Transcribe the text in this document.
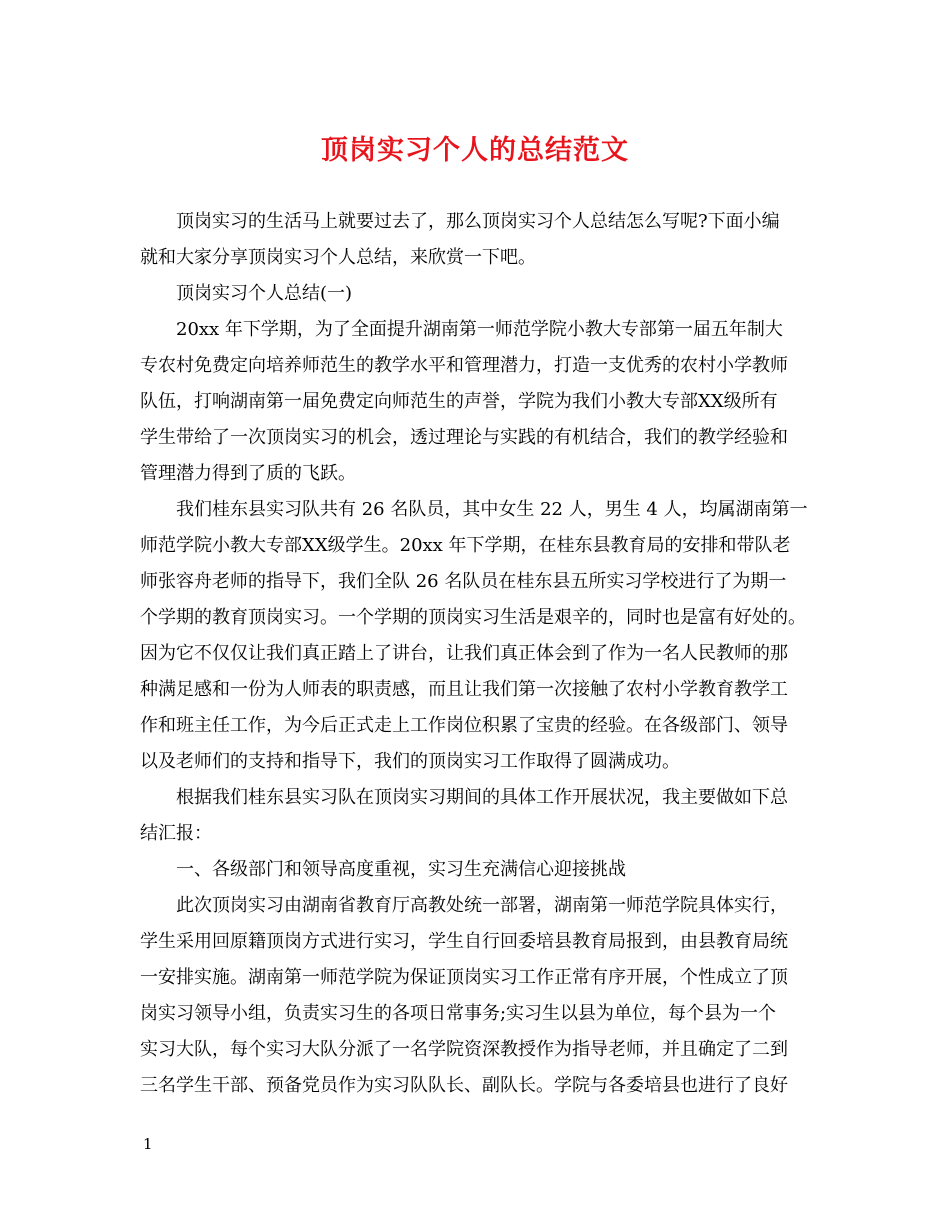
顶岗实习个人的总结范文
顶岗实习的生活马上就要过去了，那么顶岗实习个人总结怎么写呢?下面小编
就和大家分享顶岗实习个人总结，来欣赏一下吧。
顶岗实习个人总结(一)
20xx 年下学期，为了全面提升湖南第一师范学院小教大专部第一届五年制大
专农村免费定向培养师范生的教学水平和管理潜力，打造一支优秀的农村小学教师
队伍，打响湖南第一届免费定向师范生的声誉，学院为我们小教大专部XX级所有
学生带给了一次顶岗实习的机会，透过理论与实践的有机结合，我们的教学经验和
管理潜力得到了质的飞跃。
我们桂东县实习队共有 26 名队员，其中女生 22 人，男生 4 人，均属湖南第一
师范学院小教大专部XX级学生。20xx 年下学期，在桂东县教育局的安排和带队老
师张容舟老师的指导下，我们全队 26 名队员在桂东县五所实习学校进行了为期一
个学期的教育顶岗实习。一个学期的顶岗实习生活是艰辛的，同时也是富有好处的。
因为它不仅仅让我们真正踏上了讲台，让我们真正体会到了作为一名人民教师的那
种满足感和一份为人师表的职责感，而且让我们第一次接触了农村小学教育教学工
作和班主任工作，为今后正式走上工作岗位积累了宝贵的经验。在各级部门、领导
以及老师们的支持和指导下，我们的顶岗实习工作取得了圆满成功。
根据我们桂东县实习队在顶岗实习期间的具体工作开展状况，我主要做如下总
结汇报：
一、各级部门和领导高度重视，实习生充满信心迎接挑战
此次顶岗实习由湖南省教育厅高教处统一部署，湖南第一师范学院具体实行，
学生采用回原籍顶岗方式进行实习，学生自行回委培县教育局报到，由县教育局统
一安排实施。湖南第一师范学院为保证顶岗实习工作正常有序开展，个性成立了顶
岗实习领导小组，负责实习生的各项日常事务;实习生以县为单位，每个县为一个
实习大队，每个实习大队分派了一名学院资深教授作为指导老师，并且确定了二到
三名学生干部、预备党员作为实习队队长、副队长。学院与各委培县也进行了良好
1
